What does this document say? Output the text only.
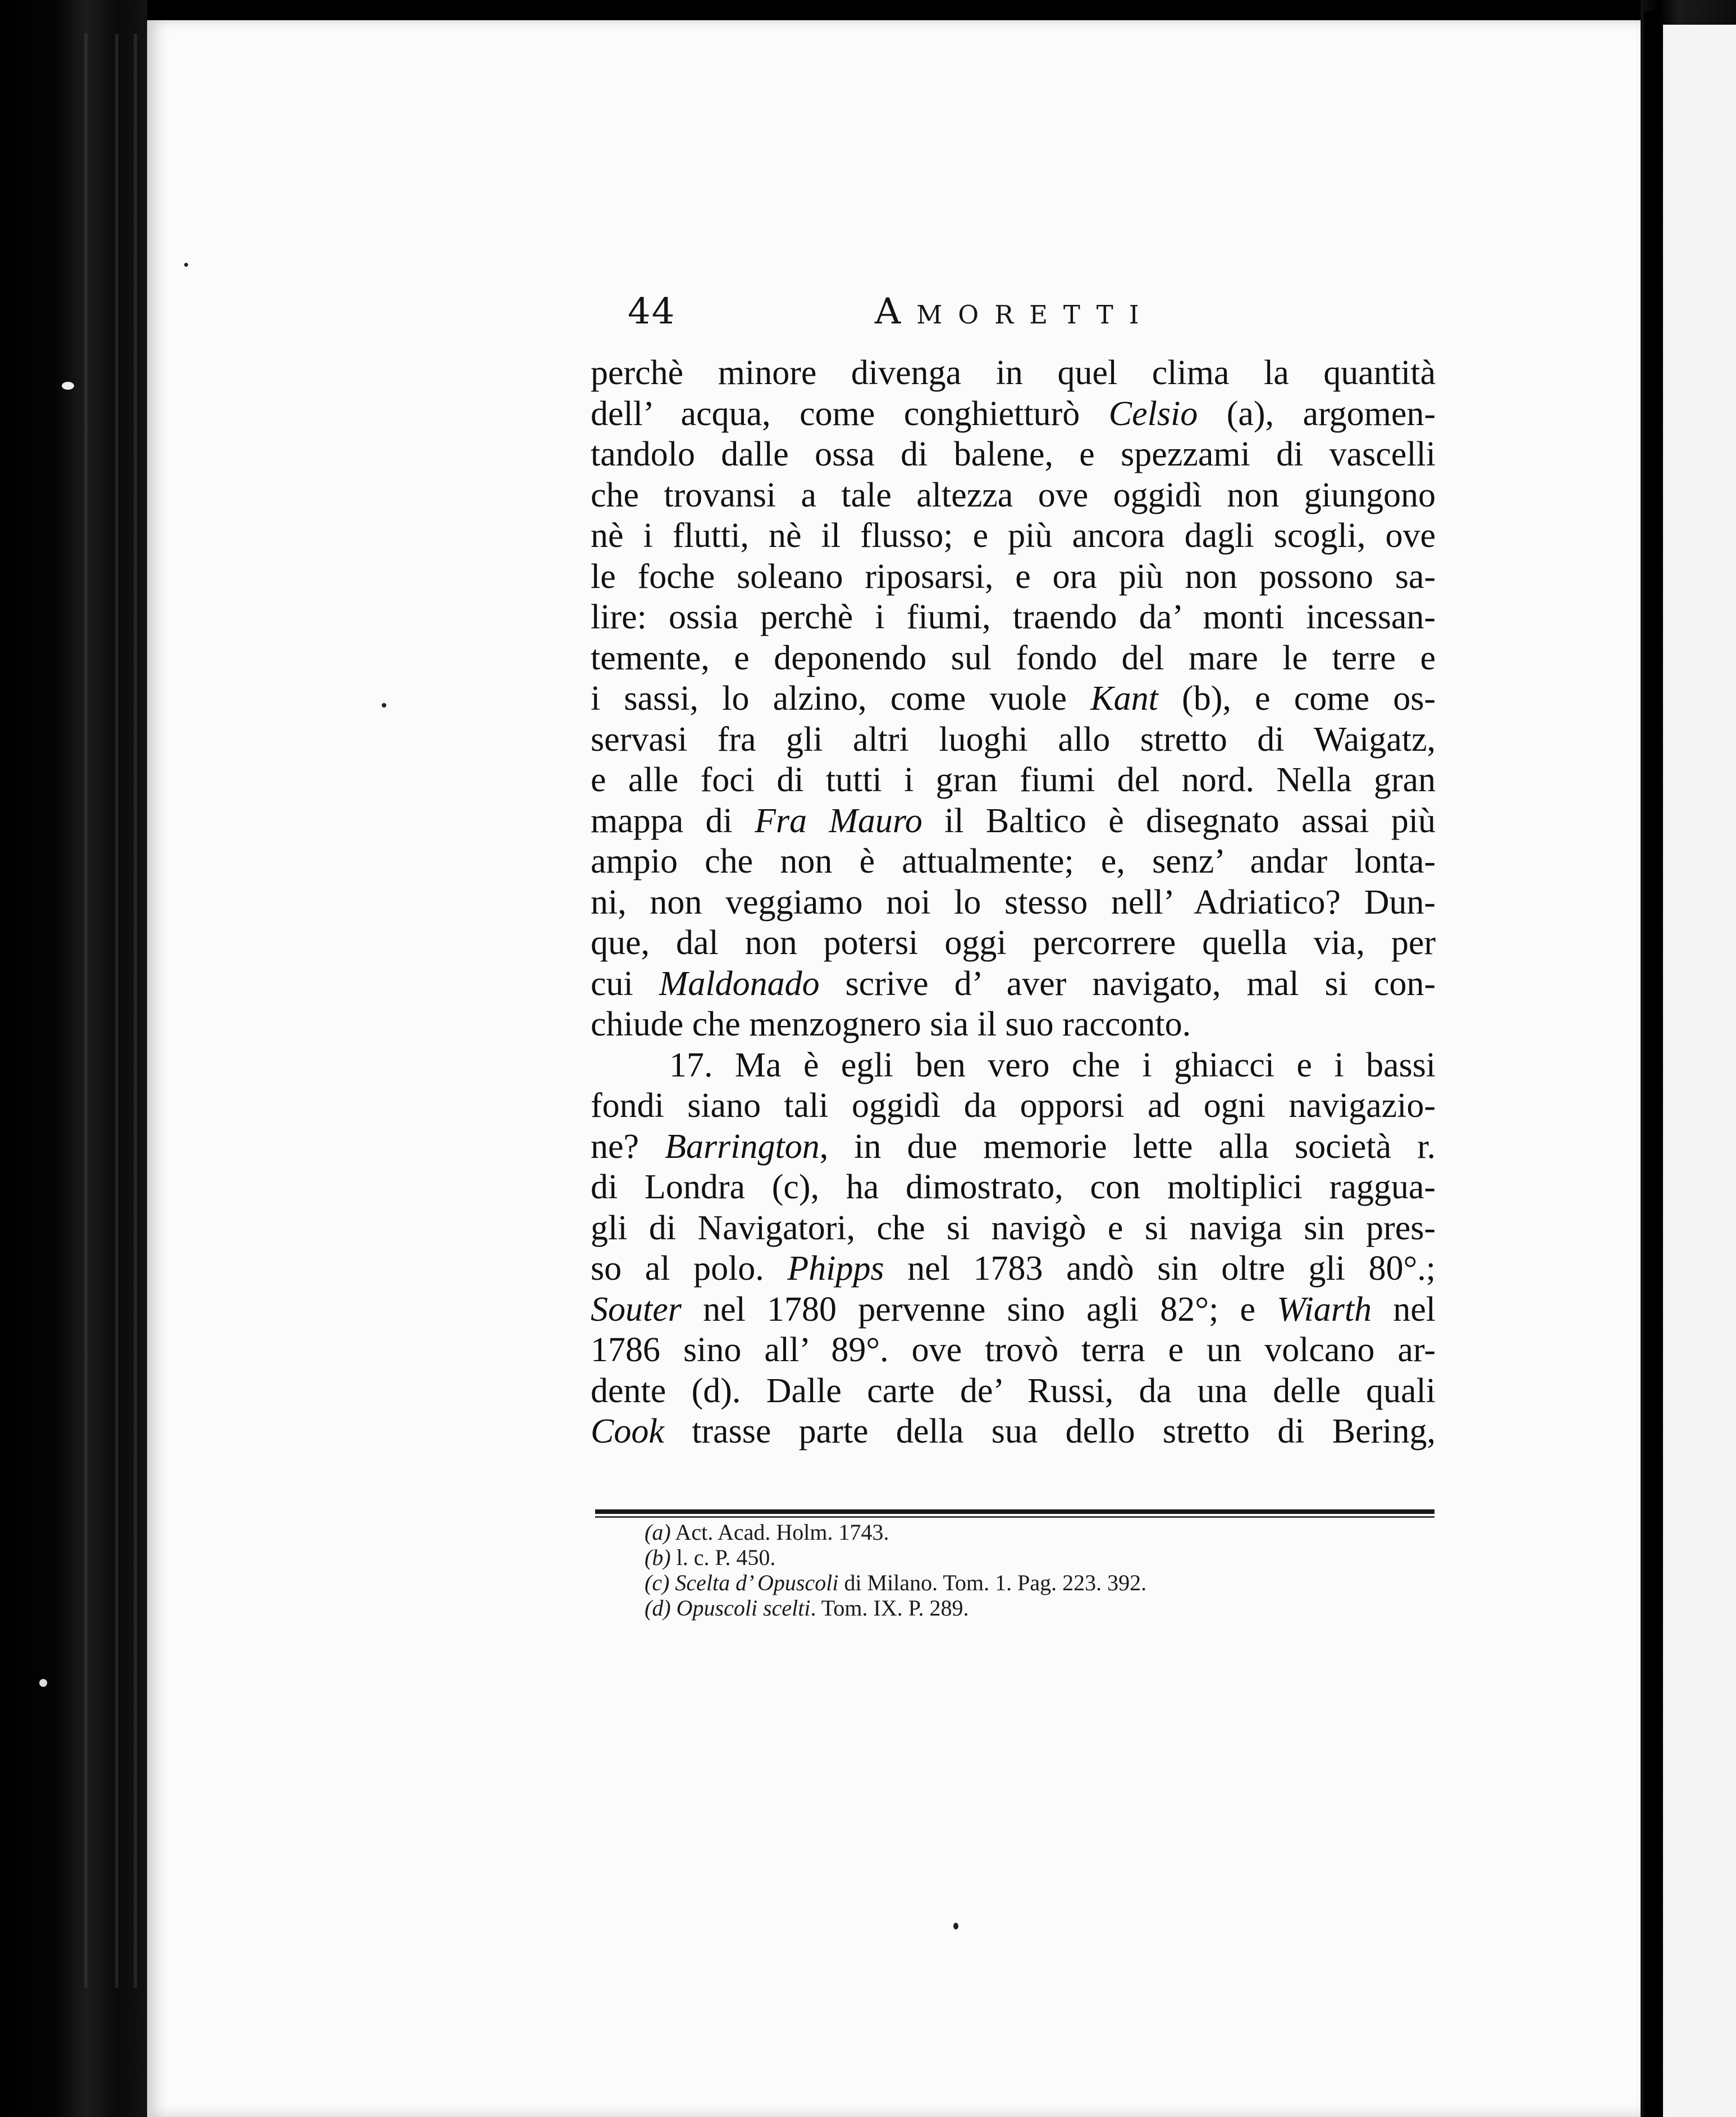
44	Amoretti
perchè minore divenga in quel clima la quantità
dell’ acqua, come conghietturò Celsio (a), argomen-
tandolo dalle ossa di balene, e spezzami di vascelli
che trovansi a tale altezza ove oggidì non giungono
nè i flutti, nè il flusso; e più ancora dagli scogli, ove
le foche soleano riposarsi, e ora più non possono sa-
lire: ossia perchè i fiumi, traendo da’ monti incessan-
temente, e deponendo sul fondo del mare le terre e
i sassi, lo alzino, come vuole Kant (b), e come os-
servasi fra gli altri luoghi allo stretto di Waigatz,
e alle foci di tutti i gran fiumi del nord. Nella gran
mappa di Fra Mauro il Baltico è disegnato assai più
ampio che non è attualmente; e, senz’ andar lonta-
ni, non veggiamo noi lo stesso nell’ Adriatico? Dun-
que, dal non potersi oggi percorrere quella via, per
cui Maldonado scrive d’ aver navigato, mal si con-
chiude che menzognero sia il suo racconto.
17. Ma è egli ben vero che i ghiacci e i bassi
fondi siano tali oggidì da opporsi ad ogni navigazio-
ne? Barrington, in due memorie lette alla società r.
di Londra (c), ha dimostrato, con moltiplici raggua-
gli di Navigatori, che si navigò e si naviga sin pres-
so al polo. Phipps nel 1783 andò sin oltre gli 80°.;
Souter nel 1780 pervenne sino agli 82°; e Wiarth nel
1786 sino all’ 89°. ove trovò terra e un volcano ar-
dente (d). Dalle carte de’ Russi, da una delle quali
Cook trasse parte della sua dello stretto di Bering,
(a) Act. Acad. Holm. 1743.
(b) l. c. P. 450.
(c) Scelta d’ Opuscoli di Milano. Tom. 1. Pag. 223. 392.
(d) Opuscoli scelti. Tom. IX. P. 289.
